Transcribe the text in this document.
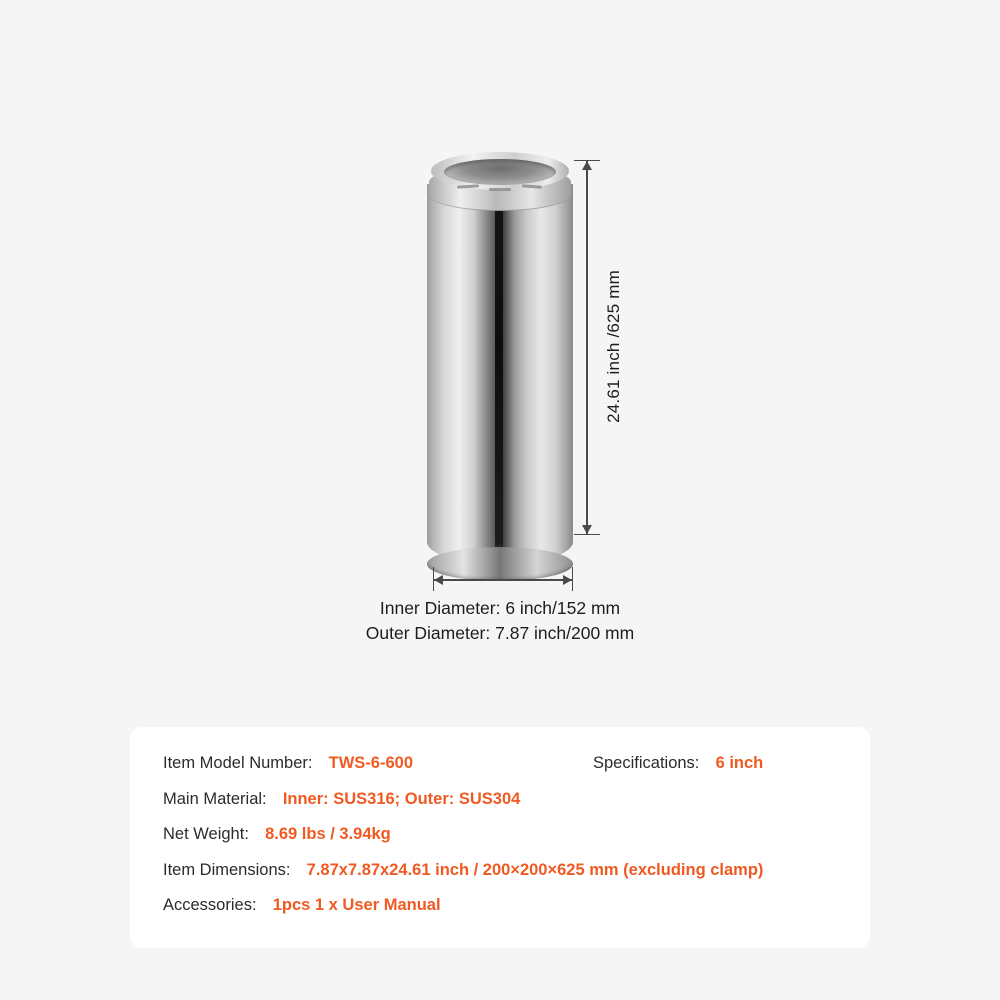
24.61 inch /625 mm
Inner Diameter: 6 inch/152 mm
Outer Diameter: 7.87 inch/200 mm
Item Model Number: TWS-6-600	Specifications: 6 inch
Main Material: Inner: SUS316; Outer: SUS304
Net Weight: 8.69 lbs / 3.94kg
Item Dimensions: 7.87x7.87x24.61 inch / 200×200×625 mm (excluding clamp)
Accessories: 1pcs 1 x User Manual
